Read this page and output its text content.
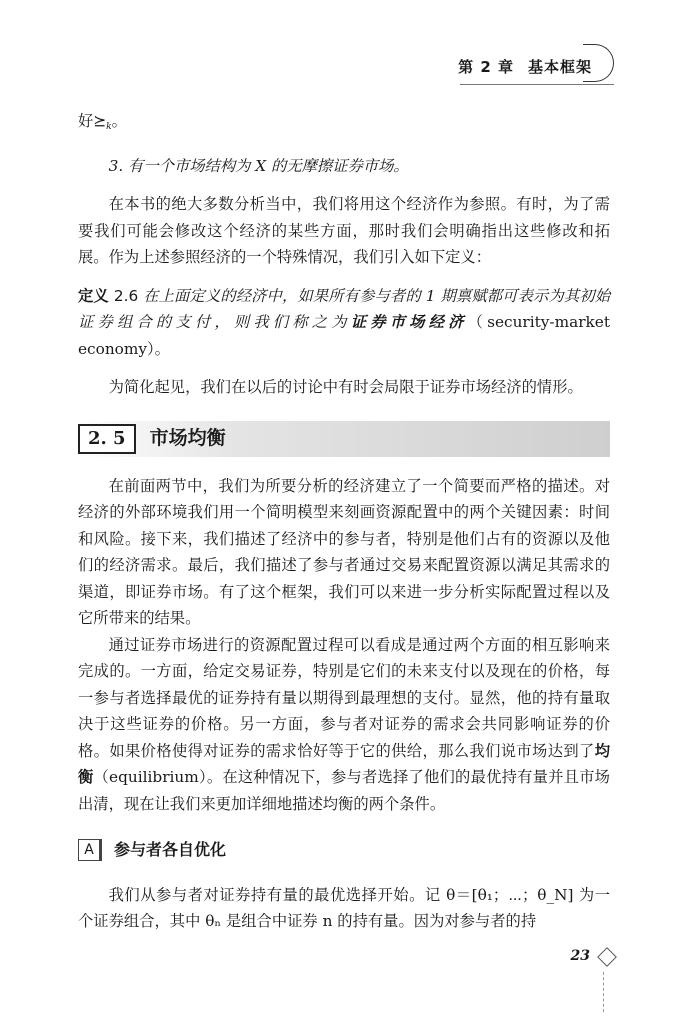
第 2 章 基本框架

好$⪰_k$。

3. 有一个市场结构为 X 的无摩擦证券市场。

在本书的绝大多数分析当中，我们将用这个经济作为参照。有时，为了需要我们可能会修改这个经济的某些方面，那时我们会明确指出这些修改和拓展。作为上述参照经济的一个特殊情况，我们引入如下定义：

定义 2.6 在上面定义的经济中，如果所有参与者的 1 期禀赋都可表示为其初始证券组合的支付，则我们称之为证券市场经济（security-market economy）。

为简化起见，我们在以后的讨论中有时会局限于证券市场经济的情形。

2. 5	市场均衡

在前面两节中，我们为所要分析的经济建立了一个简要而严格的描述。对经济的外部环境我们用一个简明模型来刻画资源配置中的两个关键因素：时间和风险。接下来，我们描述了经济中的参与者，特别是他们占有的资源以及他们的经济需求。最后，我们描述了参与者通过交易来配置资源以满足其需求的渠道，即证券市场。有了这个框架，我们可以来进一步分析实际配置过程以及它所带来的结果。

通过证券市场进行的资源配置过程可以看成是通过两个方面的相互影响来完成的。一方面，给定交易证券，特别是它们的未来支付以及现在的价格，每一参与者选择最优的证券持有量以期得到最理想的支付。显然，他的持有量取决于这些证券的价格。另一方面，参与者对证券的需求会共同影响证券的价格。如果价格使得对证券的需求恰好等于它的供给，那么我们说市场达到了均衡（equilibrium）。在这种情况下，参与者选择了他们的最优持有量并且市场出清，现在让我们来更加详细地描述均衡的两个条件。

A	参与者各自优化

我们从参与者对证券持有量的最优选择开始。记 θ＝[θ₁；⋯；θ_N] 为一个证券组合，其中 θₙ 是组合中证券 n 的持有量。因为对参与者的持

23
